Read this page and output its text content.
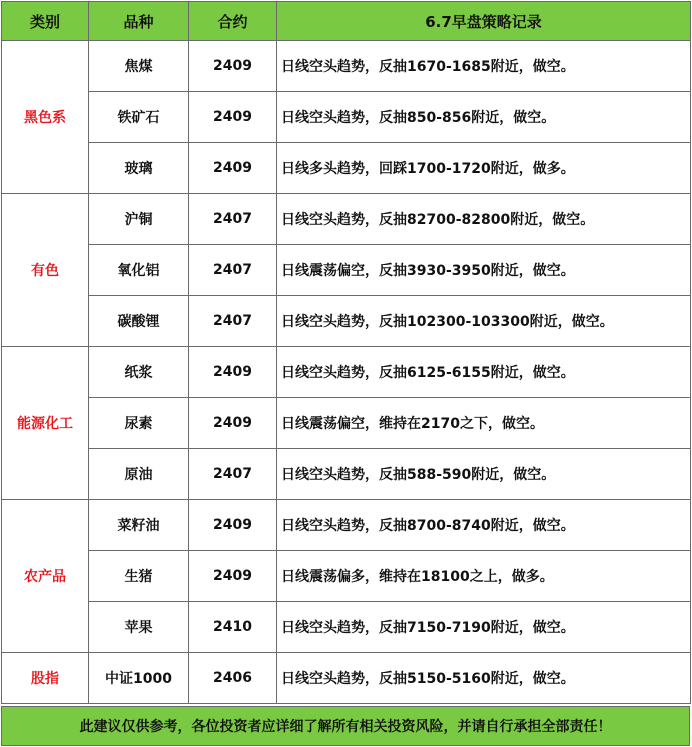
类别	品种	合约	6.7早盘策略记录
黑色系	焦煤	2409	日线空头趋势，反抽1670-1685附近，做空。
	铁矿石	2409	日线空头趋势，反抽850-856附近，做空。
	玻璃	2409	日线多头趋势，回踩1700-1720附近，做多。
有色	沪铜	2407	日线空头趋势，反抽82700-82800附近，做空。
	氧化铝	2407	日线震荡偏空，反抽3930-3950附近，做空。
	碳酸锂	2407	日线空头趋势，反抽102300-103300附近，做空。
能源化工	纸浆	2409	日线空头趋势，反抽6125-6155附近，做空。
	尿素	2409	日线震荡偏空，维持在2170之下，做空。
	原油	2407	日线空头趋势，反抽588-590附近，做空。
农产品	菜籽油	2409	日线空头趋势，反抽8700-8740附近，做空。
	生猪	2409	日线震荡偏多，维持在18100之上，做多。
	苹果	2410	日线空头趋势，反抽7150-7190附近，做空。
股指	中证1000	2406	日线空头趋势，反抽5150-5160附近，做空。
此建议仅供参考，各位投资者应详细了解所有相关投资风险，并请自行承担全部责任！
